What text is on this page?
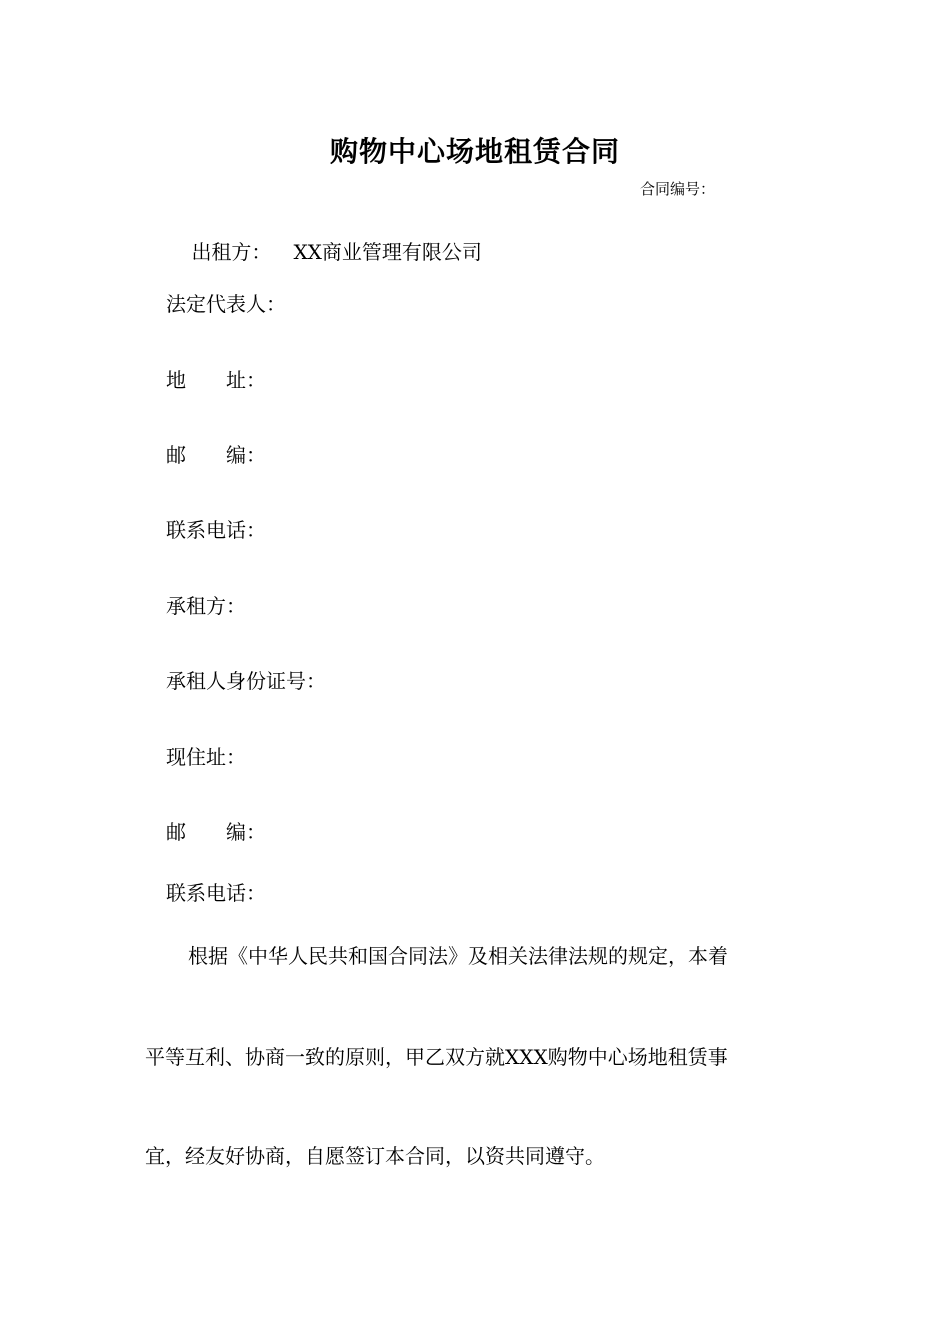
购物中心场地租赁合同
合同编号：

出租方： XX商业管理有限公司

法定代表人：
地　　址：
邮　　编：
联系电话：
承租方：
承租人身份证号：
现住址：
邮　　编：
联系电话：
根据《中华人民共和国合同法》及相关法律法规的规定，本着
平等互利、协商一致的原则，甲乙双方就XXX购物中心场地租赁事
宜，经友好协商，自愿签订本合同，以资共同遵守。
